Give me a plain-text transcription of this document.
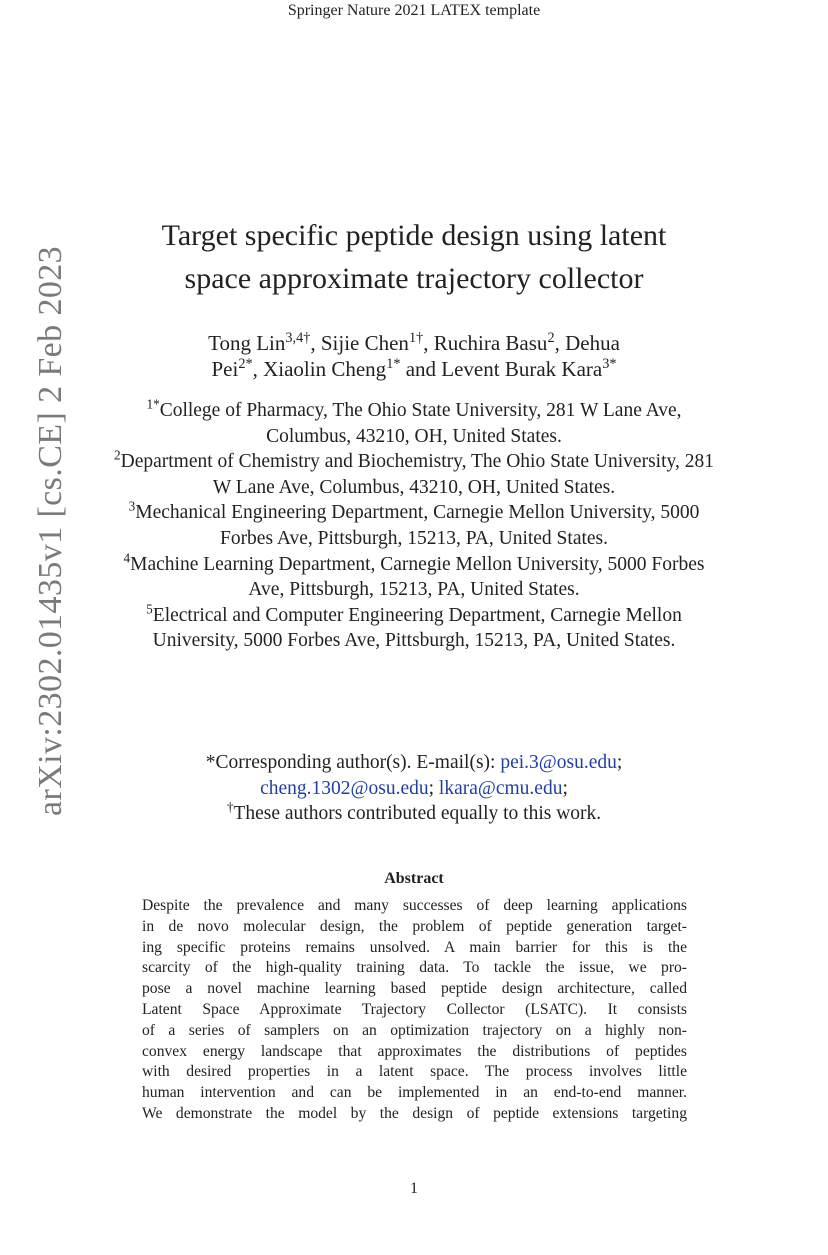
Springer Nature 2021 LATEX template
arXiv:2302.01435v1 [cs.CE] 2 Feb 2023
Target specific peptide design using latent
space approximate trajectory collector
Tong Lin$^{3,4\dagger}$, Sijie Chen$^{1\dagger}$, Ruchira Basu$^2$, Dehua
Pei$^{2*}$, Xiaolin Cheng$^{1*}$ and Levent Burak Kara$^{3*}$
$^{1*}$College of Pharmacy, The Ohio State University, 281 W Lane Ave, Columbus, 43210, OH, United States.
$^2$Department of Chemistry and Biochemistry, The Ohio State University, 281 W Lane Ave, Columbus, 43210, OH, United States.
$^3$Mechanical Engineering Department, Carnegie Mellon University, 5000 Forbes Ave, Pittsburgh, 15213, PA, United States.
$^4$Machine Learning Department, Carnegie Mellon University, 5000 Forbes Ave, Pittsburgh, 15213, PA, United States.
$^5$Electrical and Computer Engineering Department, Carnegie Mellon University, 5000 Forbes Ave, Pittsburgh, 15213, PA, United States.
*Corresponding author(s). E-mail(s): pei.3@osu.edu;
cheng.1302@osu.edu; lkara@cmu.edu;
†These authors contributed equally to this work.
Abstract
Despite the prevalence and many successes of deep learning applications
in de novo molecular design, the problem of peptide generation target-
ing specific proteins remains unsolved. A main barrier for this is the
scarcity of the high-quality training data. To tackle the issue, we pro-
pose a novel machine learning based peptide design architecture, called
Latent Space Approximate Trajectory Collector (LSATC). It consists
of a series of samplers on an optimization trajectory on a highly non-
convex energy landscape that approximates the distributions of peptides
with desired properties in a latent space. The process involves little
human intervention and can be implemented in an end-to-end manner.
We demonstrate the model by the design of peptide extensions targeting
1
